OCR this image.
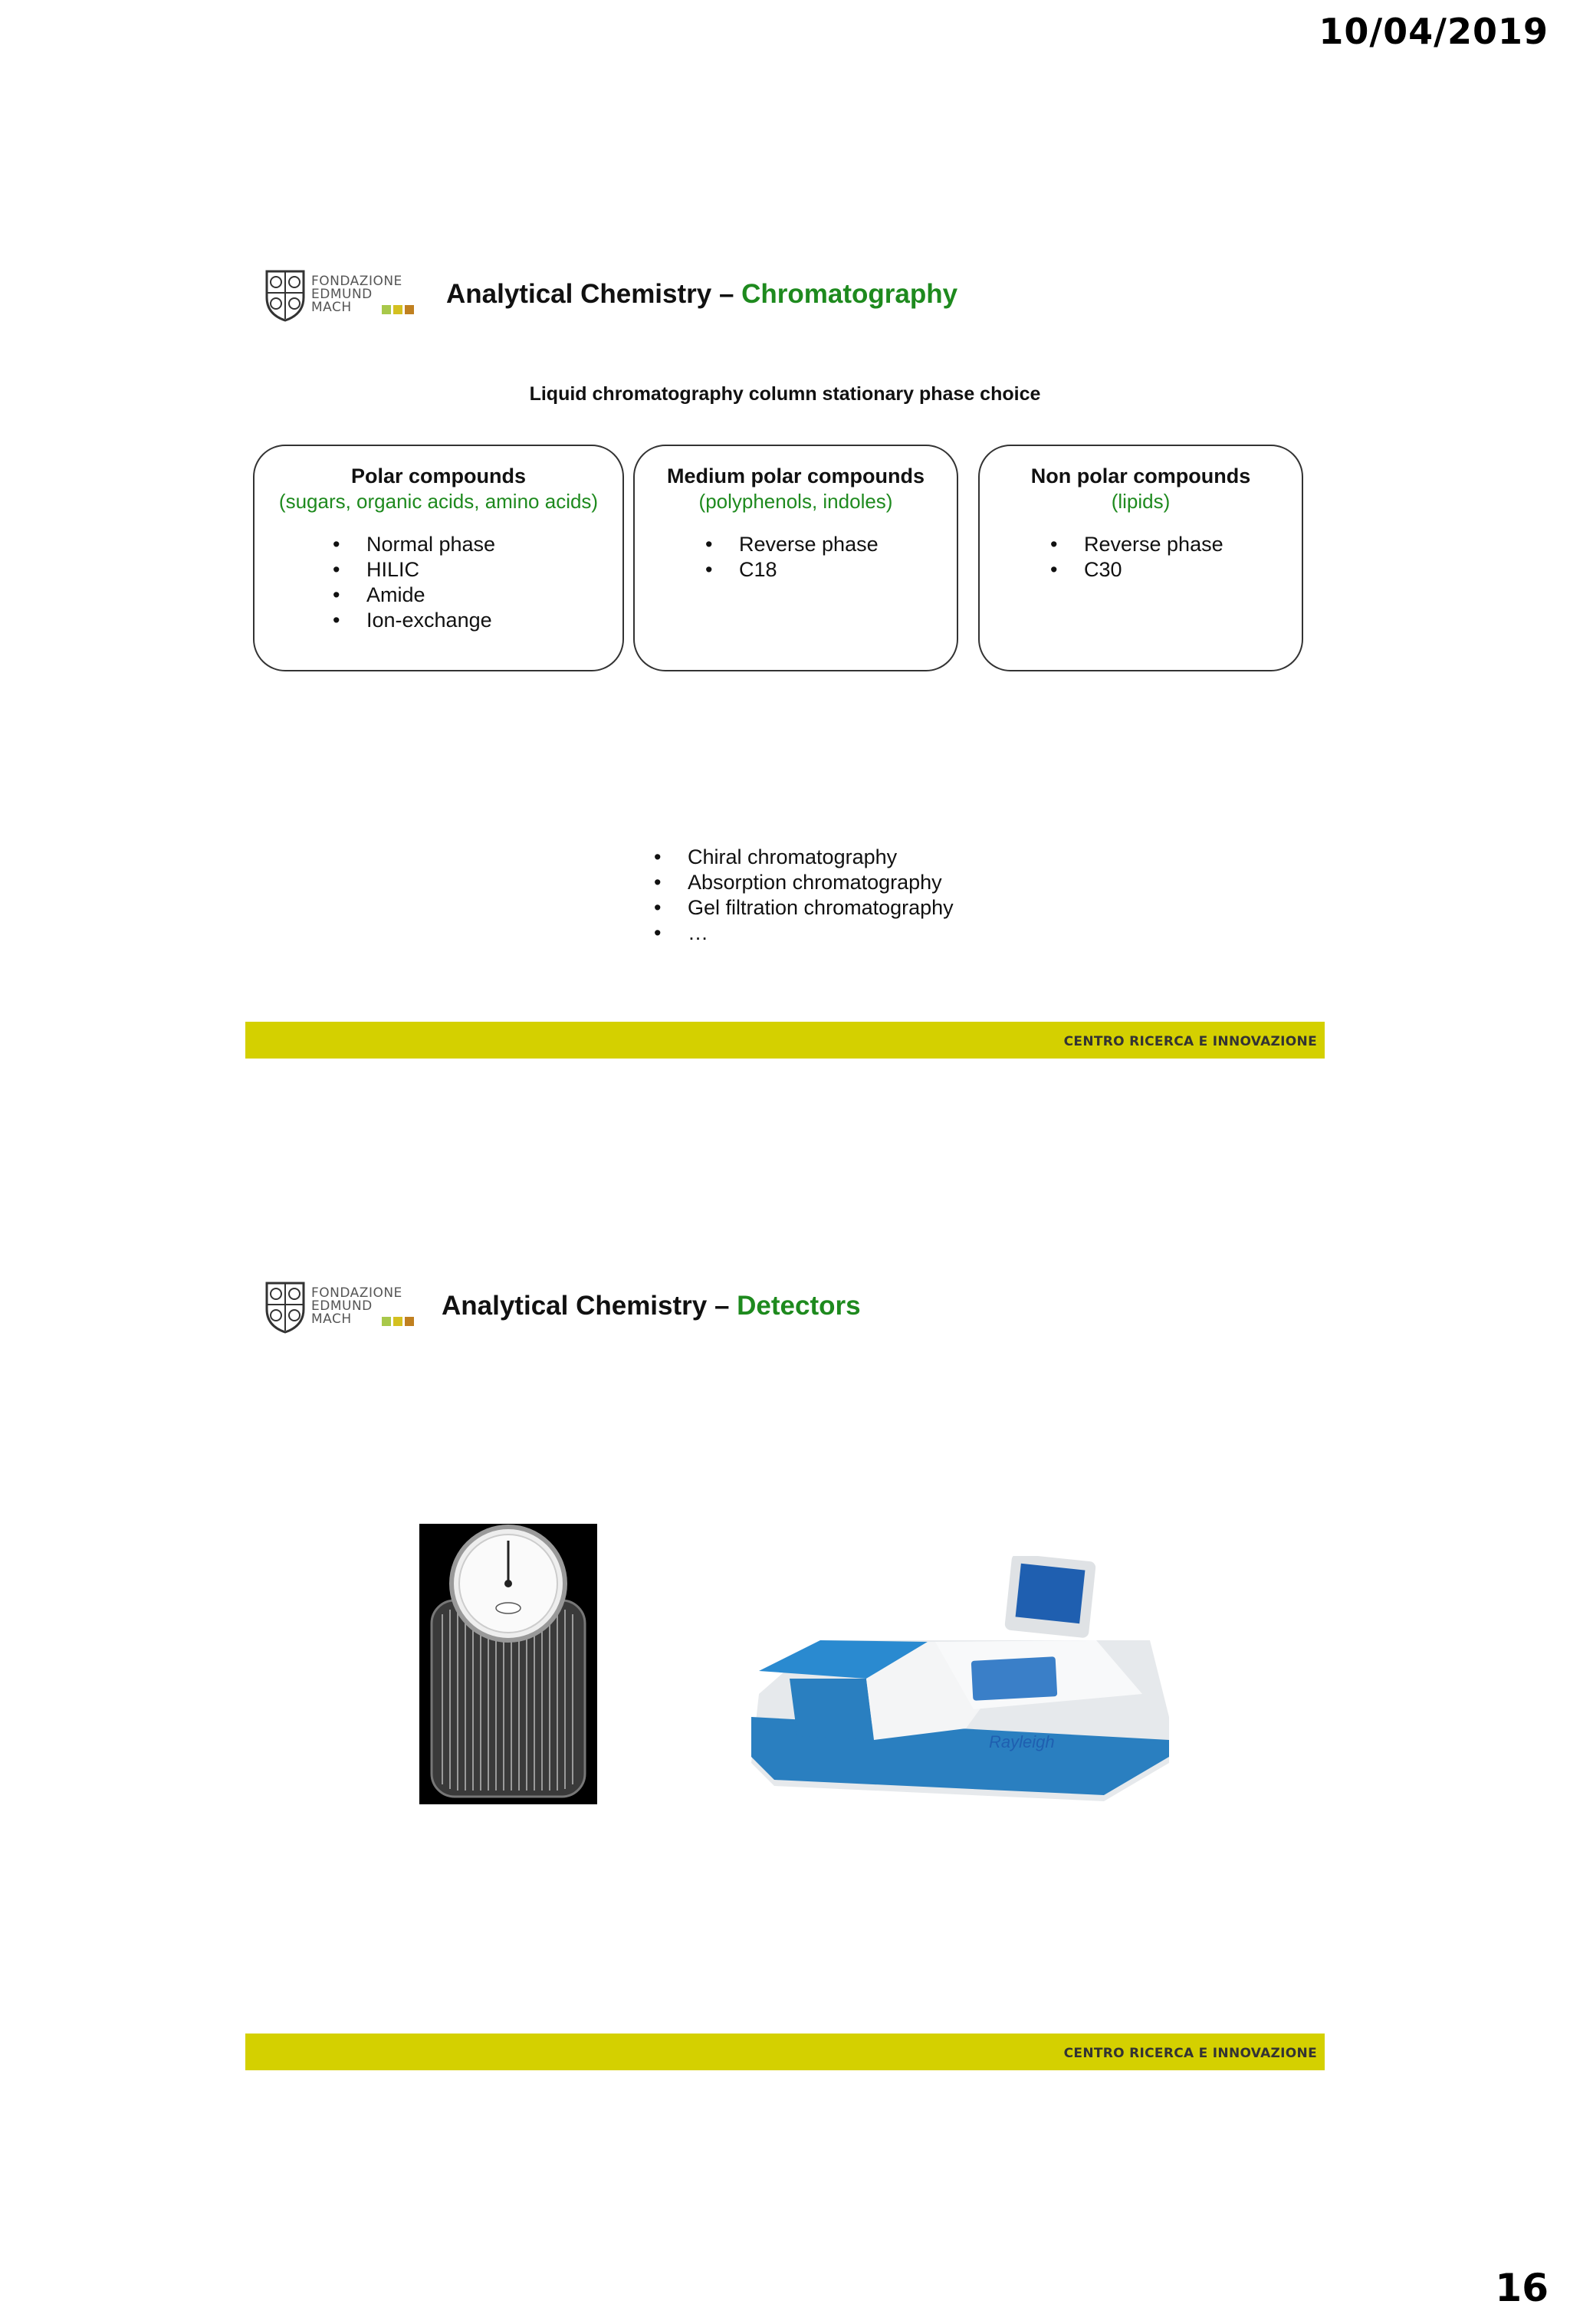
10/04/2019
FONDAZIONE
EDMUND
MACH	Analytical Chemistry – Chromatography
Liquid chromatography column stationary phase choice
Polar compounds
(sugars, organic acids, amino acids)
• Normal phase
• HILIC
• Amide
• Ion-exchange
Medium polar compounds
(polyphenols, indoles)
• Reverse phase
• C18
Non polar compounds
(lipids)
• Reverse phase
• C30
• Chiral chromatography
• Absorption chromatography
• Gel filtration chromatography
• …
CENTRO RICERCA E INNOVAZIONE
FONDAZIONE
EDMUND
MACH	Analytical Chemistry – Detectors
Rayleigh
CENTRO RICERCA E INNOVAZIONE
16
